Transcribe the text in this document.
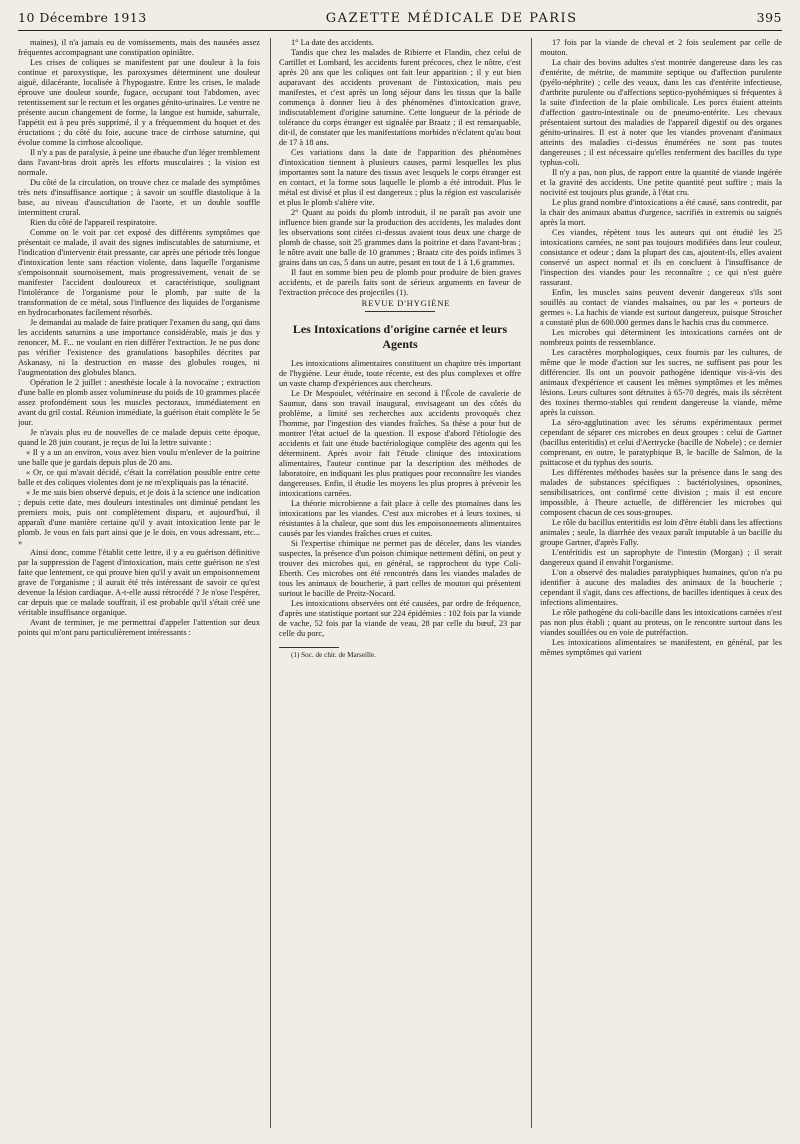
10 Décembre 1913	GAZETTE MÉDICALE DE PARIS	395

maines), il n'a jamais eu de vomissements, mais des nausées assez fréquentes accompagnant une constipation opiniâtre.

Les crises de coliques se manifestent par une douleur à la fois continue et paroxystique, les paroxysmes déterminent une douleur aiguë, dilacérante, localisée à l'hypogastre. Entre les crises, le malade éprouve une douleur sourde, fugace, occupant tout l'abdomen, avec retentissement sur le rectum et les organes génito-urinaires. Le ventre ne présente aucun changement de forme, la langue est humide, saburrale, l'appétit est à peu près supprimé, il y a fréquemment du hoquet et des éructations ; du côté du foie, aucune trace de cirrhose saturnine, qui évolue comme la cirrhose alcoolique.

Il n'y a pas de paralysie, à peine une ébauche d'un léger tremblement dans l'avant-bras droit après les efforts musculaires ; la vision est normale.

Du côté de la circulation, on trouve chez ce malade des symptômes très nets d'insuffisance aortique ; à savoir un souffle diastolique à la base, au niveau d'auscultation de l'aorte, et un double souffle intermittent crural.

Rien du côté de l'appareil respiratoire.

Comme on le voit par cet exposé des différents symptômes que présentait ce malade, il avait des signes indiscutables de saturnisme, et l'indication d'intervenir était pressante, car après une période très longue d'intoxication lente sans réaction violente, dans laquelle l'organisme s'empoisonnait sournoisement, mais progressivement, venait de se manifester l'accident douloureux et caractéristique, soulignant l'intolérance de l'organisme pour le plomb, par suite de la transformation de ce métal, sous l'influence des liquides de l'organisme en hydrocarbonates facilement résorbés.

Je demandai au malade de faire pratiquer l'examen du sang, qui dans les accidents saturnins a une importance considérable, mais je dus y renoncer, M. F... ne voulant en rien différer l'extraction. Je ne pus donc pas vérifier l'existence des granulations basophiles décrites par Askanasy, ni la destruction en masse des globules rouges, ni l'augmentation des globules blancs.

Opération le 2 juillet : anesthésie locale à la novocaïne ; extraction d'une balle en plomb assez volumineuse du poids de 10 grammes placée assez profondément sous les muscles pectoraux, immédiatement en avant du gril costal. Réunion immédiate, la guérison était complète le 5e jour.

Je n'avais plus eu de nouvelles de ce malade depuis cette époque, quand le 28 juin courant, je reçus de lui la lettre suivante :

« Il y a un an environ, vous avez bien voulu m'enlever de la poitrine une balle que je gardais depuis plus de 20 ans.

« Or, ce qui m'avait décidé, c'était la corrélation possible entre cette balle et des coliques violentes dont je ne m'expliquais pas la ténacité.

« Je me suis bien observé depuis, et je dois à la science une indication ; depuis cette date, mes douleurs intestinales ont diminué pendant les premiers mois, puis ont complètement disparu, et aujourd'hui, il apparaît d'une manière certaine qu'il y avait intoxication lente par le plomb. Je vous en fais part ainsi que je le dois, en vous adressant, etc... »

Ainsi donc, comme l'établit cette lettre, il y a eu guérison définitive par la suppression de l'agent d'intoxication, mais cette guérison ne s'est faite que lentement, ce qui prouve bien qu'il y avait un empoisonnement grave de l'organisme ; il aurait été très intéressant de savoir ce qu'est devenue la lésion cardiaque. A-t-elle aussi rétrocédé ? Je n'ose l'espérer, car depuis que ce malade souffrait, il est probable qu'il s'était créé une véritable insuffisance organique.

Avant de terminer, je me permettrai d'appeler l'attention sur deux points qui m'ont paru particulièrement intéressants :

1° La date des accidents.

Tandis que chez les malades de Ribierre et Flandin, chez celui de Cartillet et Lombard, les accidents furent précoces, chez le nôtre, c'est après 20 ans que les coliques ont fait leur apparition ; il y eut bien auparavant des accidents provenant de l'intoxication, mais peu manifestes, et c'est après un long séjour dans les tissus que la balle commença à donner lieu à des phénomènes d'intoxication grave, indiscutablement d'origine saturnine. Cette longueur de la période de tolérance du corps étranger est signalée par Braatz ; il est remarquable, dit-il, de constater que les manifestations morbides n'éclatent qu'au bout de 17 à 18 ans.

Ces variations dans la date de l'apparition des phénomènes d'intoxication tiennent à plusieurs causes, parmi lesquelles les plus importantes sont la nature des tissus avec lesquels le corps étranger est en contact, et la forme sous laquelle le plomb a été introduit. Plus le métal est divisé et plus il est dangereux ; plus la région est vascularisée et plus le plomb s'altère vite.

2° Quant au poids du plomb introduit, il ne paraît pas avoir une influence bien grande sur la production des accidents, les malades dont les observations sont citées ci-dessus avaient tous deux une charge de plomb de chasse, soit 25 grammes dans la poitrine et dans l'avant-bras ; le nôtre avait une balle de 10 grammes ; Braatz cite des poids infimes 3 grains dans un cas, 5 dans un autre, pesant en tout de 1 à 1,6 grammes.

Il faut en somme bien peu de plomb pour produire de bien graves accidents, et de pareils faits sont de sérieux arguments en faveur de l'extraction précoce des projectiles (1).

REVUE D'HYGIÈNE

Les Intoxications d'origine carnée et leurs Agents

Les intoxications alimentaires constituent un chapitre très important de l'hygiène. Leur étude, toute récente, est des plus complexes et offre un vaste champ d'expériences aux chercheurs.

Le Dr Mespoulet, vétérinaire en second à l'École de cavalerie de Saumur, dans son travail inaugural, envisageant un des côtés du problème, a limité ses recherches aux accidents provoqués chez l'homme, par l'ingestion des viandes fraîches. Sa thèse a pour but de montrer l'état actuel de la question. Il expose d'abord l'étiologie des accidents et fait une étude bactériologique complète des agents qui les déterminent. Après avoir fait l'étude clinique des intoxications alimentaires, l'auteur continue par la description des méthodes de laboratoire, en indiquant les plus pratiques pour reconnaître les viandes dangereuses. Enfin, il étudie les moyens les plus propres à prévenir les intoxications carnées.

La théorie microbienne a fait place à celle des ptomaïnes dans les intoxications par les viandes. C'est aux microbes et à leurs toxines, si résistantes à la chaleur, que sont dus les empoisonnements alimentaires causés par les viandes fraîches crues et cuites.

Si l'expertise chimique ne permet pas de déceler, dans les viandes suspectes, la présence d'un poison chimique nettement défini, on peut y trouver des microbes qui, en général, se rapprochent du type Coli-Eberth. Ces microbes ont été rencontrés dans les viandes malades de tous les animaux de boucherie, à part celles de mouton qui présentent surtout le bacille de Preitz-Nocard.

Les intoxications observées ont été causées, par ordre de fréquence, d'après une statistique portant sur 224 épidémies : 102 fois par la viande de vache, 52 fois par la viande de veau, 28 par celle du bœuf, 23 par celle du porc,

(1) Soc. de chir. de Marseille.

17 fois par la viande de cheval et 2 fois seulement par celle de mouton.

La chair des bovins adultes s'est montrée dangereuse dans les cas d'entérite, de métrite, de mammite septique ou d'affection purulente (pyélo-néphrite) ; celle des veaux, dans les cas d'entérite infectieuse, d'arthrite purulente ou d'affections septico-pyohémiques si fréquentes à la suite d'infection de la plaie ombilicale. Les porcs étaient atteints d'affection gastro-intestinale ou de pneumo-entérite. Les chevaux présentaient surtout des maladies de l'appareil digestif ou des organes génito-urinaires. Il est à noter que les viandes provenant d'animaux atteints des maladies ci-dessus énumérées ne sont pas toutes dangereuses ; il est nécessaire qu'elles renferment des bacilles du type typhus-coli.

Il n'y a pas, non plus, de rapport entre la quantité de viande ingérée et la gravité des accidents. Une petite quantité peut suffire ; mais la nocivité est toujours plus grande, à l'état cru.

Le plus grand nombre d'intoxications a été causé, sans contredit, par la chair des animaux abattus d'urgence, sacrifiés in extremis ou saignés après la mort.

Ces viandes, répètent tous les auteurs qui ont étudié les 25 intoxications carnées, ne sont pas toujours modifiées dans leur couleur, consistance et odeur ; dans la plupart des cas, ajoutent-ils, elles avaient conservé un aspect normal et ils en concluent à l'insuffisance de l'inspection des viandes pour les reconnaître ; ce qui n'est guère rassurant.

Enfin, les muscles sains peuvent devenir dangereux s'ils sont souillés au contact de viandes malsaines, ou par les « porteurs de germes ». La hachis de viande est surtout dangereux, puisque Stroscher a constaté plus de 600.000 germes dans le hachis crus du commerce.

Les microbes qui déterminent les intoxications carnées ont de nombreux points de ressemblance.

Les caractères morphologiques, ceux fournis par les cultures, de même que le mode d'action sur les sucres, ne suffisent pas pour les différencier. Ils ont un pouvoir pathogène identique vis-à-vis des animaux d'expérience et causent les mêmes symptômes et les mêmes lésions. Leurs cultures sont détruites à 65-70 degrés, mais ils sécrètent des toxines thermo-stables qui rendent dangereuse la viande, même après la cuisson.

La séro-agglutination avec les sérums expérimentaux permet cependant de séparer ces microbes en deux groupes : celui de Gartner (bacillus enteritidis) et celui d'Aertrycke (bacille de Nobele) ; ce dernier comprenant, en outre, le paratyphique B, le bacille de Salmon, de la psittacose et du typhus des souris.

Les différentes méthodes basées sur la présence dans le sang des malades de substances spécifiques : bactériolysines, opsonines, sensibilisatrices, ont confirmé cette division ; mais il est encore impossible, à l'heure actuelle, de différencier les microbes qui composent chacun de ces sous-groupes.

Le rôle du bacillus enteritidis est loin d'être établi dans les affections animales ; seule, la diarrhée des veaux paraît imputable à un bacille du groupe Gartner, d'après Fally.

L'entéritidis est un saprophyte de l'intestin (Morgan) ; il serait dangereux quand il envahit l'organisme.

L'on a observé des maladies paratyphiques humaines, qu'on n'a pu identifier à aucune des maladies des animaux de la boucherie ; cependant il s'agit, dans ces affections, de bacilles identiques à ceux des infections alimentaires.

Le rôle pathogène du coli-bacille dans les intoxications carnées n'est pas non plus établi ; quant au proteus, on le rencontre surtout dans les viandes souillées ou en voie de putréfaction.

Les intoxications alimentaires se manifestent, en général, par les mêmes symptômes qui varient
